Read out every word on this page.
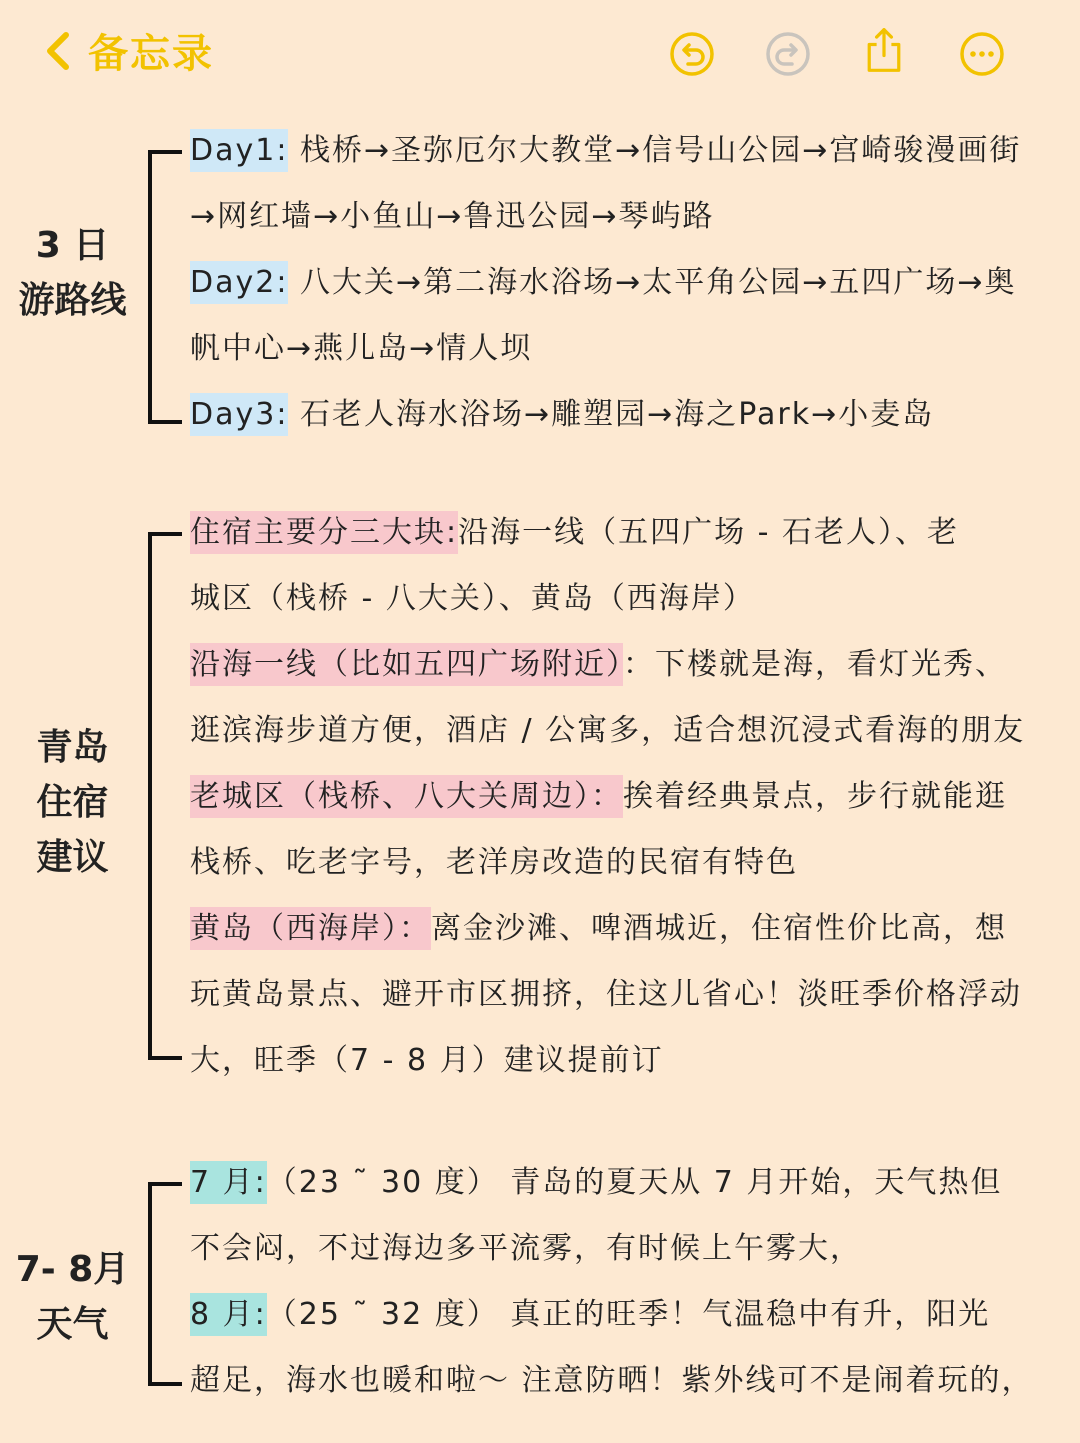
备忘录
3 日
游路线
Day1: 栈桥→圣弥厄尔大教堂→信号山公园→宫崎骏漫画街
→网红墙→小鱼山→鲁迅公园→琴屿路
Day2: 八大关→第二海水浴场→太平角公园→五四广场→奥
帆中心→燕儿岛→情人坝
Day3: 石老人海水浴场→雕塑园→海之Park→小麦岛
青岛
住宿
建议
住宿主要分三大块:沿海一线（五四广场 - 石老人）、老
城区（栈桥 - 八大关）、黄岛（西海岸）
沿海一线（比如五四广场附近）：下楼就是海，看灯光秀、
逛滨海步道方便，酒店 / 公寓多，适合想沉浸式看海的朋友
老城区（栈桥、八大关周边）：挨着经典景点，步行就能逛
栈桥、吃老字号，老洋房改造的民宿有特色
黄岛（西海岸）：离金沙滩、啤酒城近，住宿性价比高，想
玩黄岛景点、避开市区拥挤，住这儿省心！淡旺季价格浮动
大，旺季（7 - 8 月）建议提前订
7- 8月
天气
7 月:（23 ˜ 30 度） 青岛的夏天从 7 月开始，天气热但
不会闷，不过海边多平流雾，有时候上午雾大，
8 月:（25 ˜ 32 度） 真正的旺季！气温稳中有升，阳光
超足，海水也暖和啦～ 注意防晒！紫外线可不是闹着玩的，
